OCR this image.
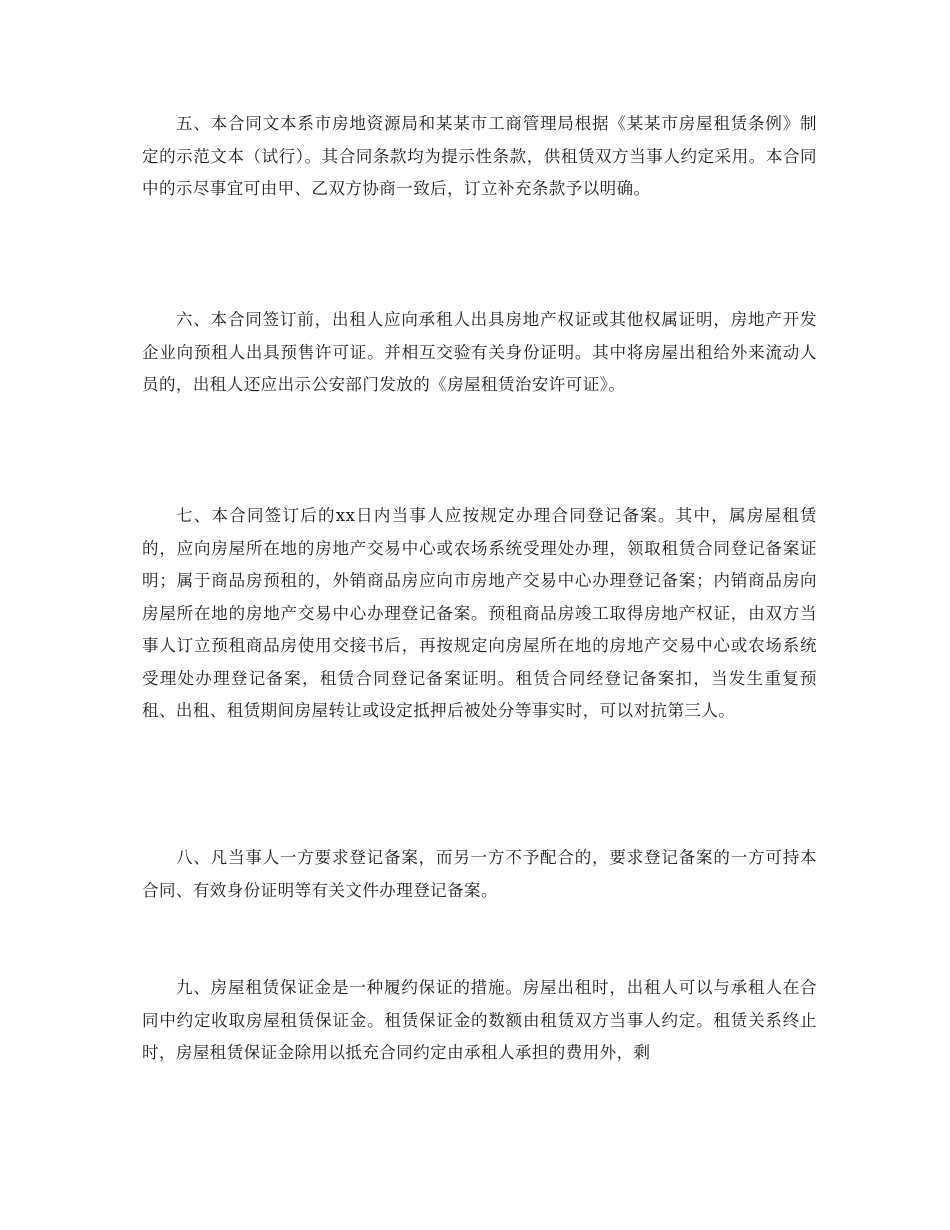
五、本合同文本系市房地资源局和某某市工商管理局根据《某某市房屋租赁条例》制定的示范文本（试行）。其合同条款均为提示性条款，供租赁双方当事人约定采用。本合同中的示尽事宜可由甲、乙双方协商一致后，订立补充条款予以明确。

六、本合同签订前，出租人应向承租人出具房地产权证或其他权属证明，房地产开发企业向预租人出具预售许可证。并相互交验有关身份证明。其中将房屋出租给外来流动人员的，出租人还应出示公安部门发放的《房屋租赁治安许可证》。

七、本合同签订后的xx日内当事人应按规定办理合同登记备案。其中，属房屋租赁的，应向房屋所在地的房地产交易中心或农场系统受理处办理，领取租赁合同登记备案证明；属于商品房预租的，外销商品房应向市房地产交易中心办理登记备案；内销商品房向房屋所在地的房地产交易中心办理登记备案。预租商品房竣工取得房地产权证，由双方当事人订立预租商品房使用交接书后，再按规定向房屋所在地的房地产交易中心或农场系统受理处办理登记备案，租赁合同登记备案证明。租赁合同经登记备案扣，当发生重复预租、出租、租赁期间房屋转让或设定抵押后被处分等事实时，可以对抗第三人。

八、凡当事人一方要求登记备案，而另一方不予配合的，要求登记备案的一方可持本合同、有效身份证明等有关文件办理登记备案。

九、房屋租赁保证金是一种履约保证的措施。房屋出租时，出租人可以与承租人在合同中约定收取房屋租赁保证金。租赁保证金的数额由租赁双方当事人约定。租赁关系终止时，房屋租赁保证金除用以抵充合同约定由承租人承担的费用外，剩
